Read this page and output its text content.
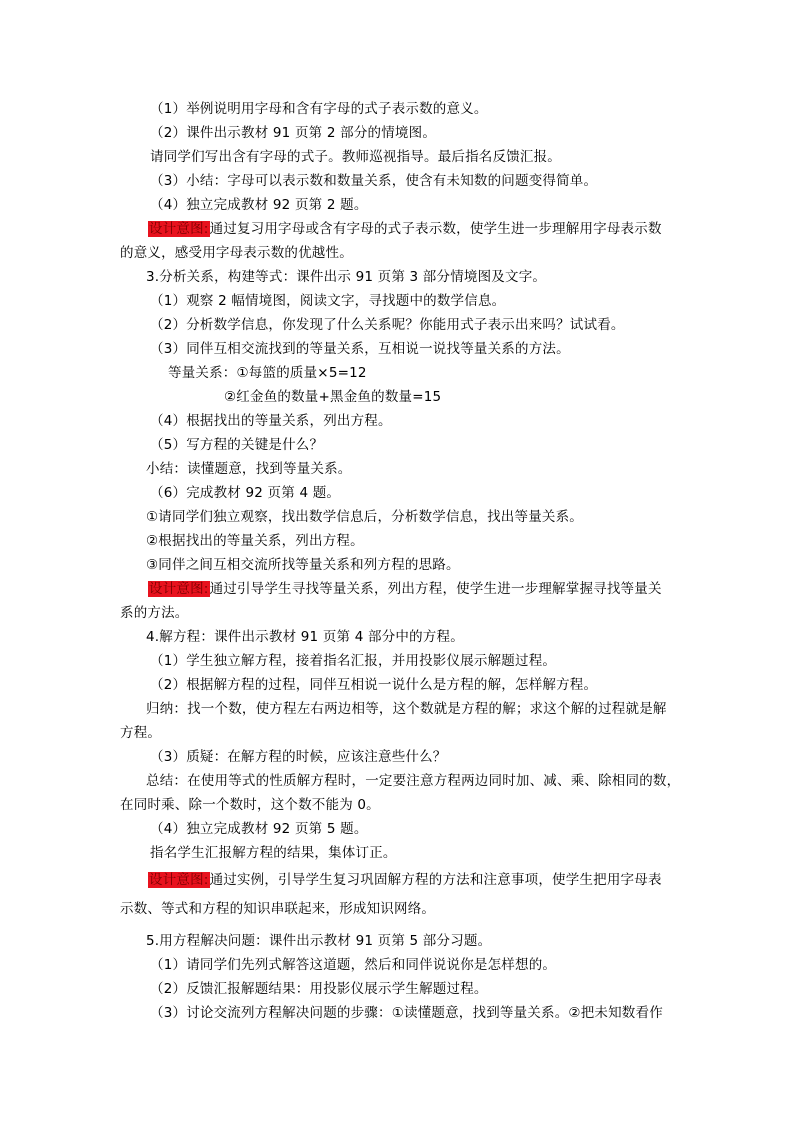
（1）举例说明用字母和含有字母的式子表示数的意义。
（2）课件出示教材 91 页第 2 部分的情境图。
请同学们写出含有字母的式子。教师巡视指导。最后指名反馈汇报。
（3）小结：字母可以表示数和数量关系，使含有未知数的问题变得简单。
（4）独立完成教材 92 页第 2 题。
设计意图:通过复习用字母或含有字母的式子表示数，使学生进一步理解用字母表示数
的意义，感受用字母表示数的优越性。
3.分析关系，构建等式：课件出示 91 页第 3 部分情境图及文字。
（1）观察 2 幅情境图，阅读文字，寻找题中的数学信息。
（2）分析数学信息，你发现了什么关系呢？你能用式子表示出来吗？试试看。
（3）同伴互相交流找到的等量关系，互相说一说找等量关系的方法。
等量关系：①每篮的质量×5=12
②红金鱼的数量+黑金鱼的数量=15
（4）根据找出的等量关系，列出方程。
（5）写方程的关键是什么？
小结：读懂题意，找到等量关系。
（6）完成教材 92 页第 4 题。
①请同学们独立观察，找出数学信息后，分析数学信息，找出等量关系。
②根据找出的等量关系，列出方程。
③同伴之间互相交流所找等量关系和列方程的思路。
设计意图:通过引导学生寻找等量关系，列出方程，使学生进一步理解掌握寻找等量关
系的方法。
4.解方程：课件出示教材 91 页第 4 部分中的方程。
（1）学生独立解方程，接着指名汇报，并用投影仪展示解题过程。
（2）根据解方程的过程，同伴互相说一说什么是方程的解，怎样解方程。
归纳：找一个数，使方程左右两边相等，这个数就是方程的解；求这个解的过程就是解
方程。
（3）质疑：在解方程的时候，应该注意些什么？
总结：在使用等式的性质解方程时，一定要注意方程两边同时加、减、乘、除相同的数，
在同时乘、除一个数时，这个数不能为 0。
（4）独立完成教材 92 页第 5 题。
指名学生汇报解方程的结果，集体订正。
设计意图:通过实例，引导学生复习巩固解方程的方法和注意事项，使学生把用字母表
示数、等式和方程的知识串联起来，形成知识网络。
5.用方程解决问题：课件出示教材 91 页第 5 部分习题。
（1）请同学们先列式解答这道题，然后和同伴说说你是怎样想的。
（2）反馈汇报解题结果：用投影仪展示学生解题过程。
（3）讨论交流列方程解决问题的步骤：①读懂题意，找到等量关系。②把未知数看作
